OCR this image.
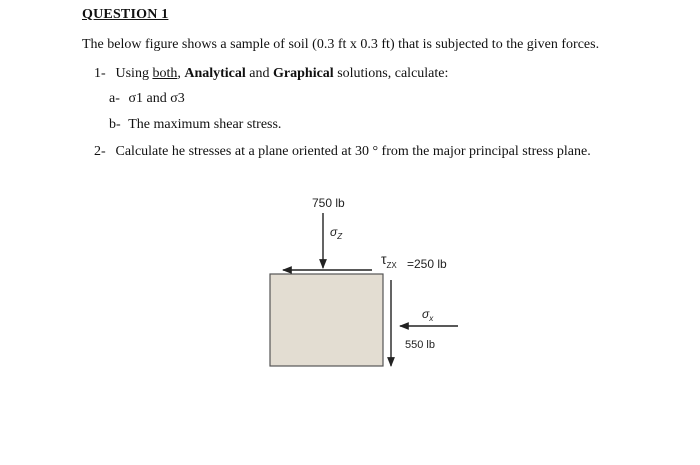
QUESTION 1
The below figure shows a sample of soil (0.3 ft x 0.3 ft) that is subjected to the given forces.
1- Using both, Analytical and Graphical solutions, calculate:
a- σ1 and σ3
b- The maximum shear stress.
2- Calculate he stresses at a plane oriented at 30 ° from the major principal stress plane.
750 lb
$\sigma_Z$
$\tau_{ZX} =250$ lb
$\sigma_x$
550 lb
